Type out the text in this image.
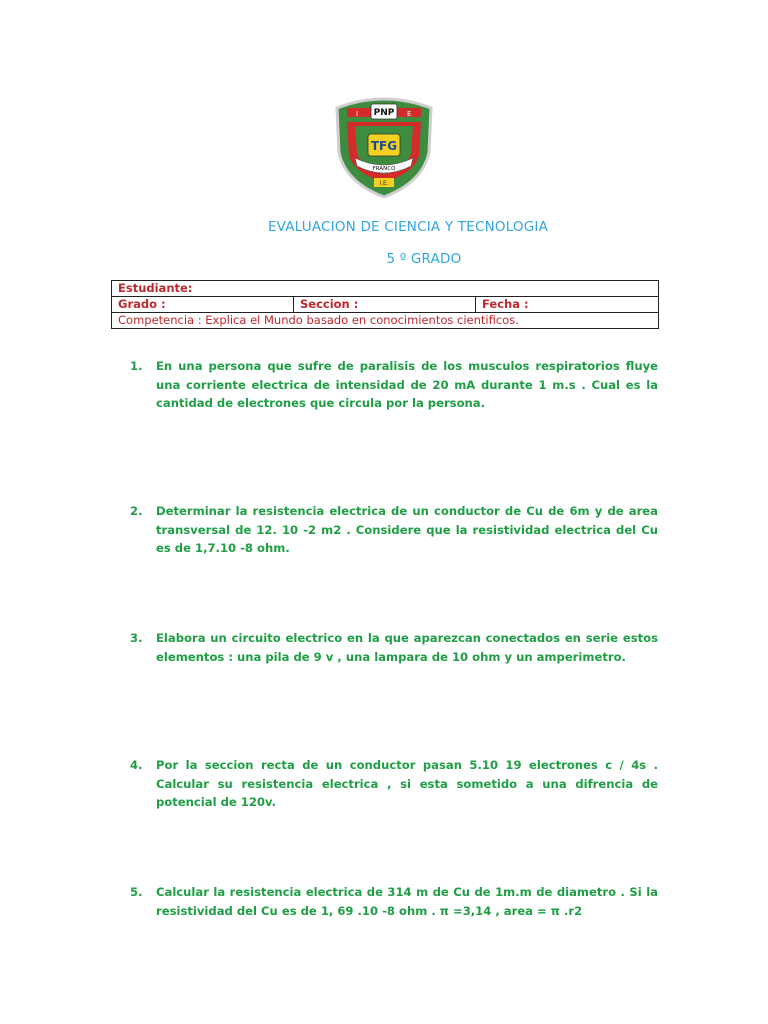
I	E
PNP
TFG
FRANCO
I.E.
EVALUACION DE CIENCIA Y TECNOLOGIA
5 º GRADO
Estudiante:
Grado :	Seccion :	Fecha :
Competencia : Explica el Mundo basado en conocimientos cientificos.
1.	En una persona que sufre de paralisis de los musculos respiratorios fluye una corriente electrica de intensidad de 20 mA durante 1 m.s . Cual es la cantidad de electrones que circula por la persona.
2.	Determinar la resistencia electrica de un conductor de Cu de 6m y de area transversal de 12. 10 -2 m2 . Considere que la resistividad electrica del Cu es de 1,7.10 -8 ohm.
3.	Elabora un circuito electrico en la que aparezcan conectados en serie estos elementos : una pila de 9 v , una lampara de 10 ohm y un amperimetro.
4.	Por la seccion recta de un conductor pasan 5.10 19 electrones c / 4s . Calcular su resistencia electrica , si esta sometido a una difrencia de potencial de 120v.
5.	Calcular la resistencia electrica de 314 m de Cu de 1m.m de diametro . Si la resistividad del Cu es de 1, 69 .10 -8 ohm . π =3,14 , area = π .r2
